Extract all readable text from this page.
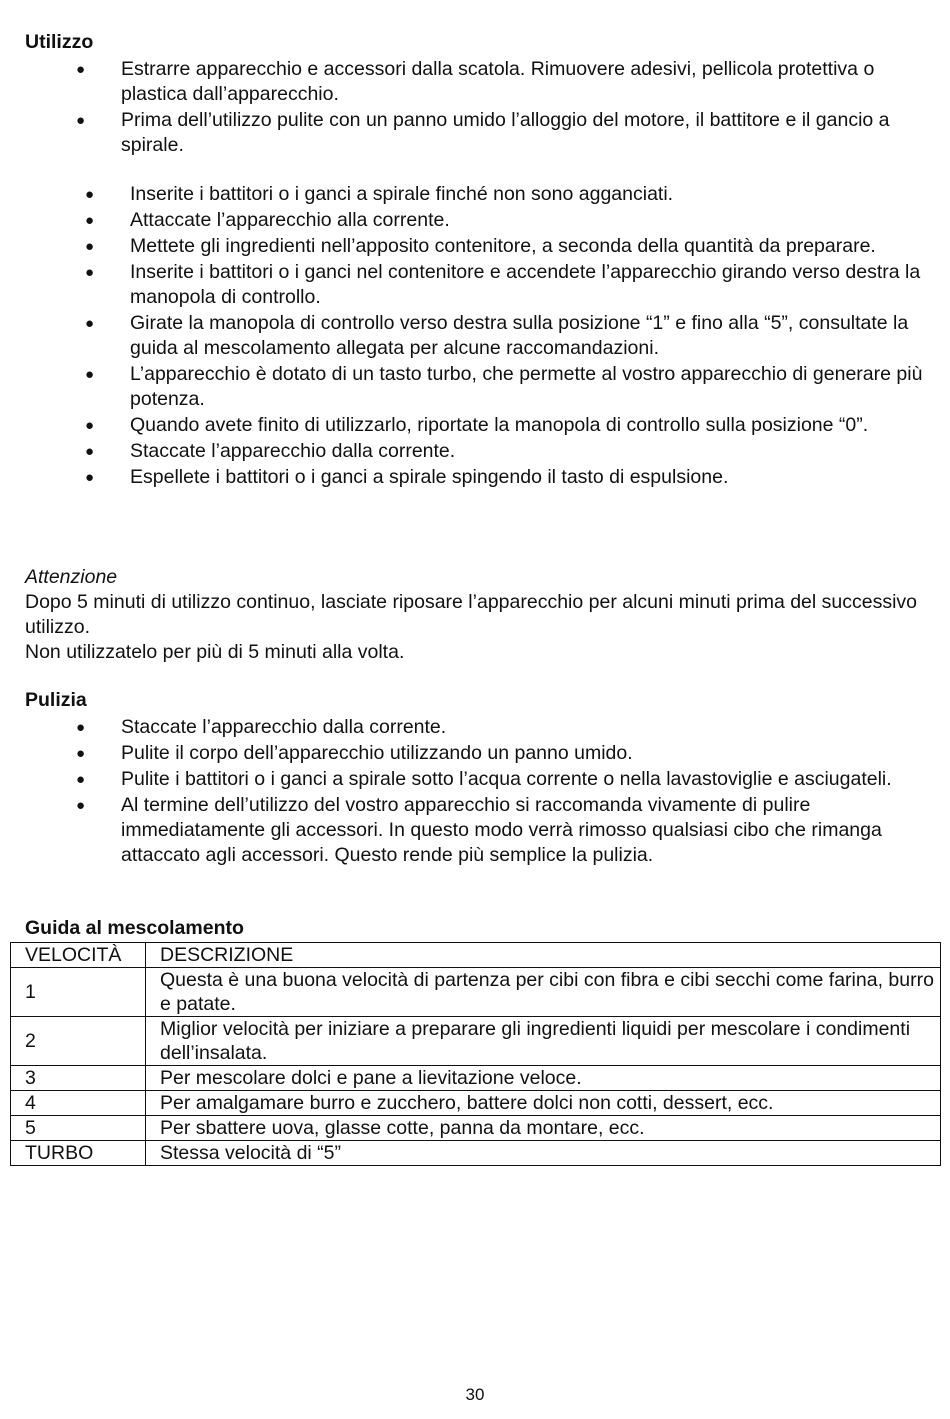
Utilizzo
● Estrarre apparecchio e accessori dalla scatola. Rimuovere adesivi, pellicola protettiva o plastica dall’apparecchio.
● Prima dell’utilizzo pulite con un panno umido l’alloggio del motore, il battitore e il gancio a spirale.
● Inserite i battitori o i ganci a spirale finché non sono agganciati.
● Attaccate l’apparecchio alla corrente.
● Mettete gli ingredienti nell’apposito contenitore, a seconda della quantità da preparare.
● Inserite i battitori o i ganci nel contenitore e accendete l’apparecchio girando verso destra la manopola di controllo.
● Girate la manopola di controllo verso destra sulla posizione “1” e fino alla “5”, consultate la guida al mescolamento allegata per alcune raccomandazioni.
● L’apparecchio è dotato di un tasto turbo, che permette al vostro apparecchio di generare più potenza.
● Quando avete finito di utilizzarlo, riportate la manopola di controllo sulla posizione “0”.
● Staccate l’apparecchio dalla corrente.
● Espellete i battitori o i ganci a spirale spingendo il tasto di espulsione.

Attenzione

Dopo 5 minuti di utilizzo continuo, lasciate riposare l’apparecchio per alcuni minuti prima del successivo utilizzo.

Non utilizzatelo per più di 5 minuti alla volta.

Pulizia
● Staccate l’apparecchio dalla corrente.
● Pulite il corpo dell’apparecchio utilizzando un panno umido.
● Pulite i battitori o i ganci a spirale sotto l’acqua corrente o nella lavastoviglie e asciugateli.
● Al termine dell’utilizzo del vostro apparecchio si raccomanda vivamente di pulire immediatamente gli accessori. In questo modo verrà rimosso qualsiasi cibo che rimanga attaccato agli accessori. Questo rende più semplice la pulizia.
Guida al mescolamento
VELOCITÀ	DESCRIZIONE
1	Questa è una buona velocità di partenza per cibi con fibra e cibi secchi come farina, burro e patate.
2	Miglior velocità per iniziare a preparare gli ingredienti liquidi per mescolare i condimenti dell’insalata.
3	Per mescolare dolci e pane a lievitazione veloce.
4	Per amalgamare burro e zucchero, battere dolci non cotti, dessert, ecc.
5	Per sbattere uova, glasse cotte, panna da montare, ecc.
TURBO	Stessa velocità di “5”
30
